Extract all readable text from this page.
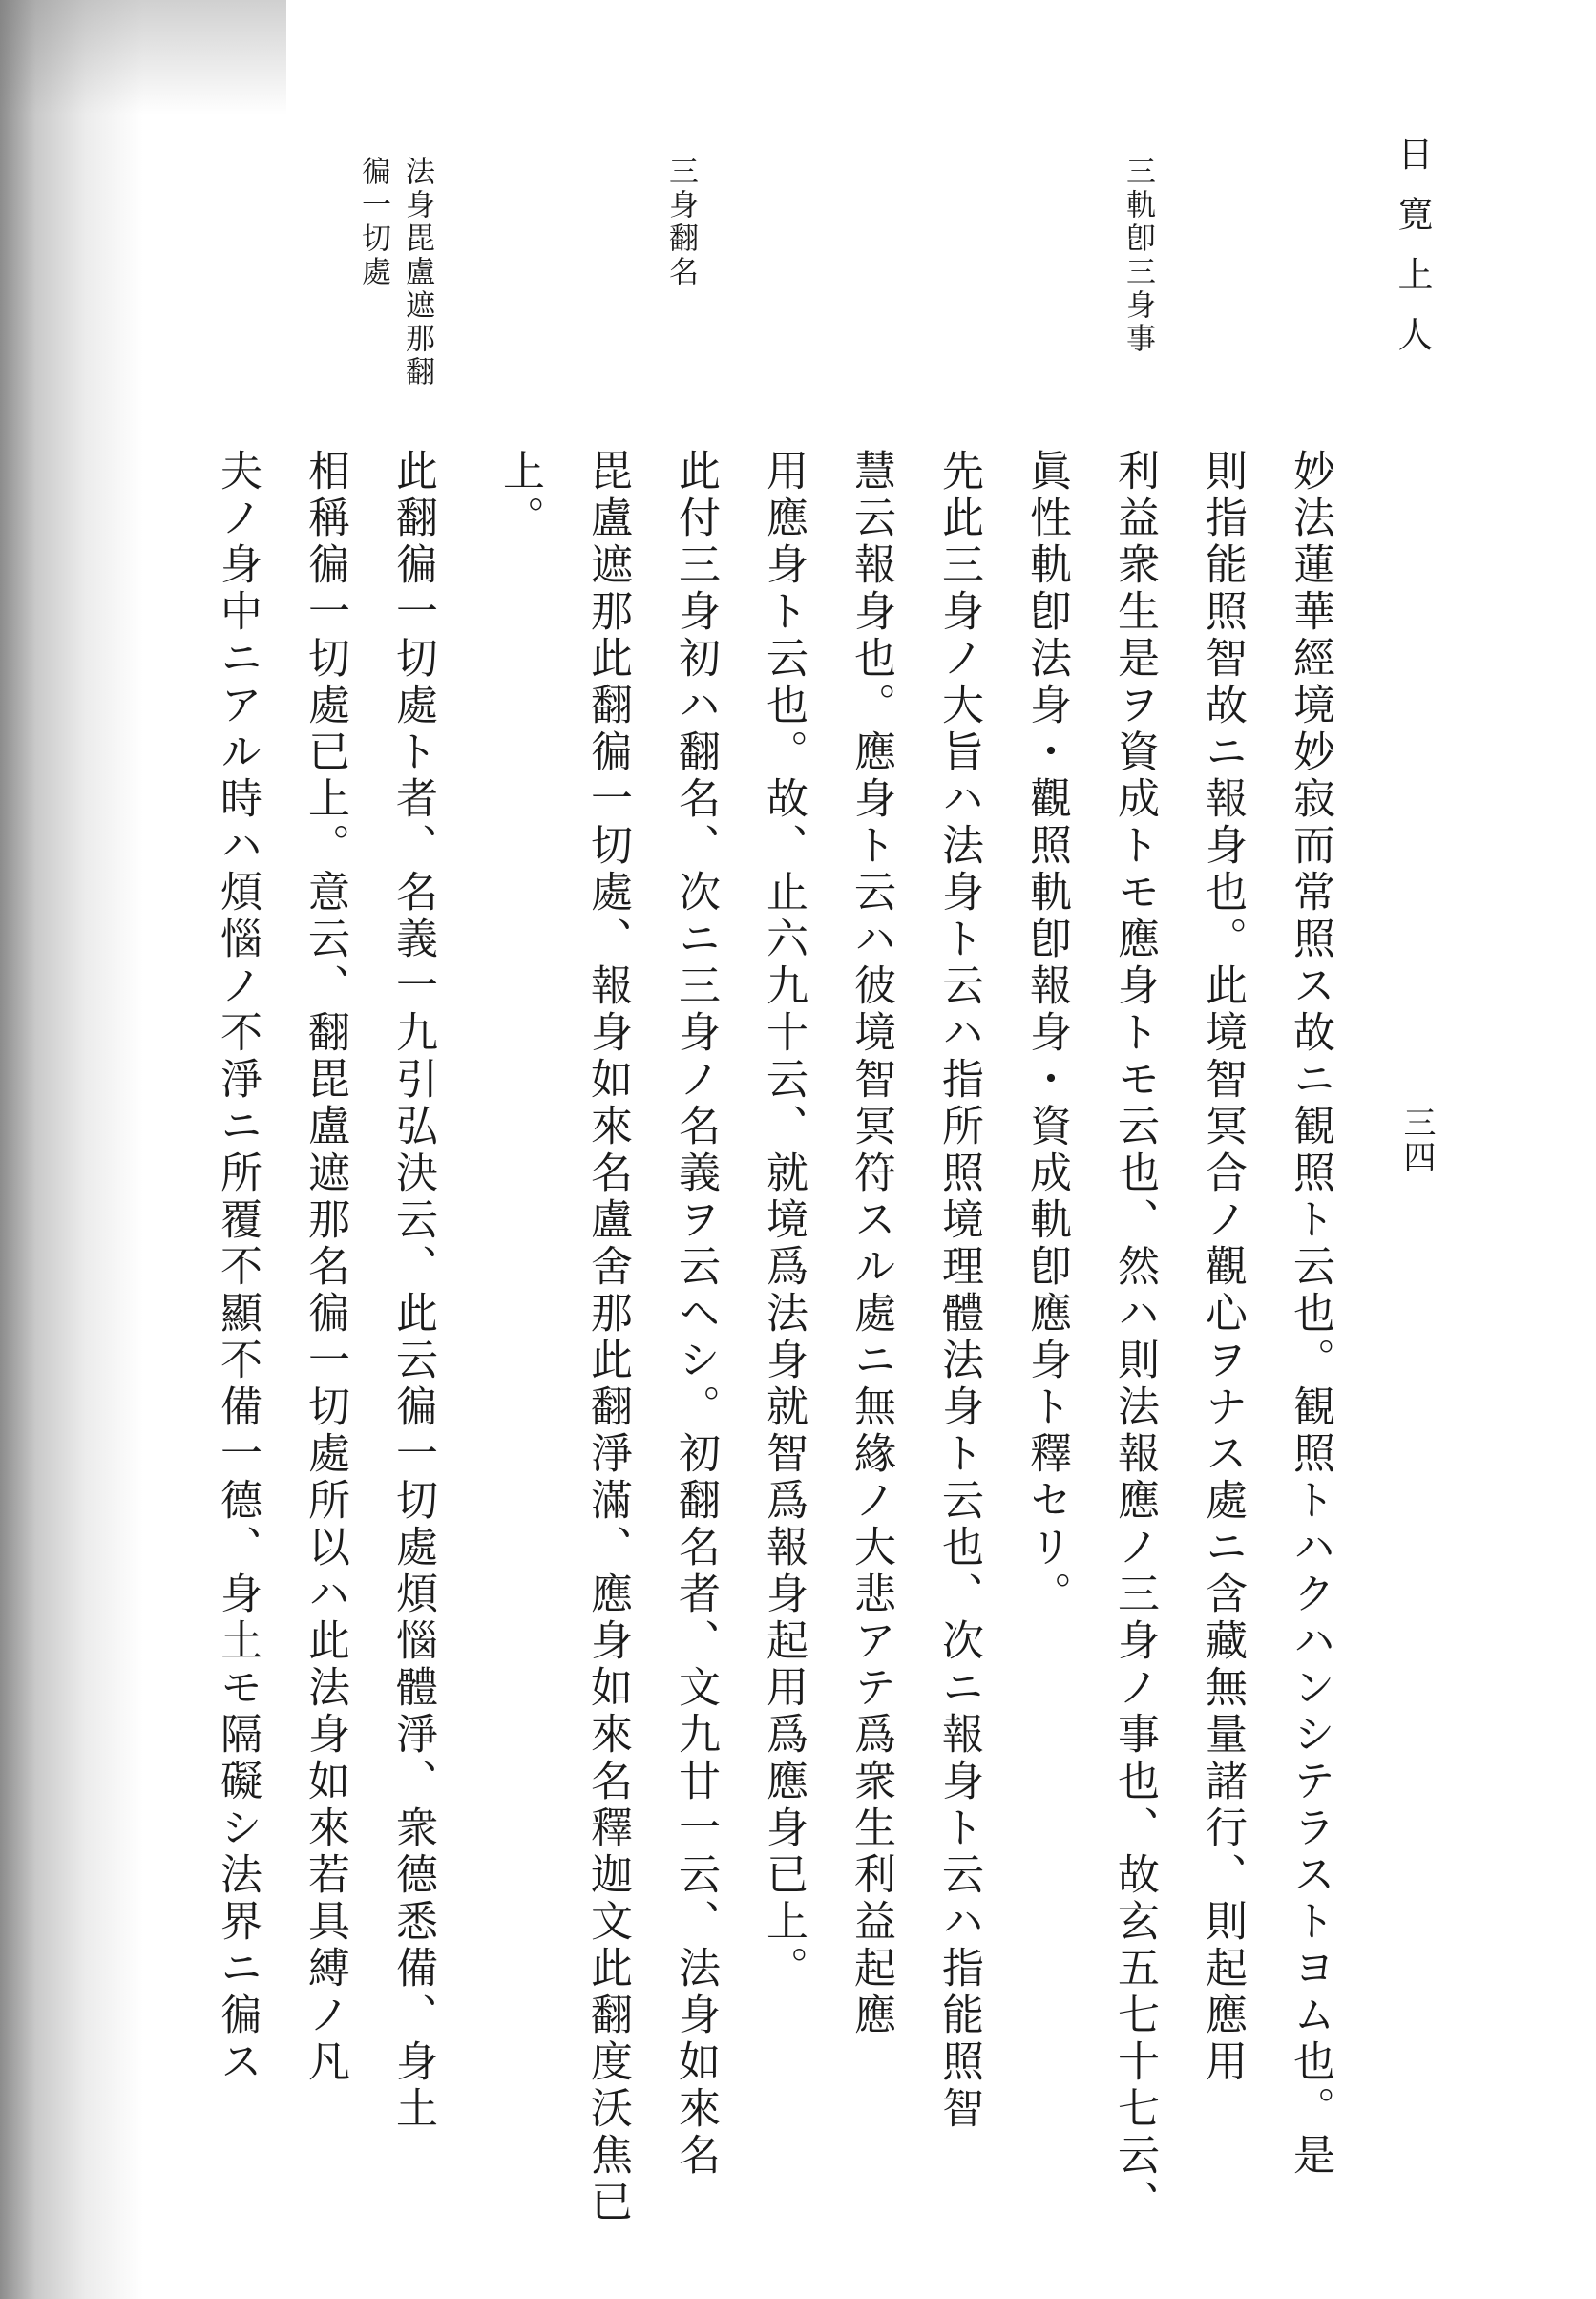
日寛上人
三四
三軌卽三身事
三身翻名
法身毘盧遮那翻
徧一切處
妙法蓮華經境妙寂而常照ス故ニ観照ト云也。観照トハクハンシテラストヨム也。是
則指能照智故ニ報身也。此境智冥合ノ觀心ヲナス處ニ含藏無量諸行、則起應用
利益衆生是ヲ資成トモ應身トモ云也、然ハ則法報應ノ三身ノ事也、故玄五七十七云、
眞性軌卽法身・觀照軌卽報身・資成軌卽應身ト釋セリ。
先此三身ノ大旨ハ法身ト云ハ指所照境理體法身ト云也、次ニ報身ト云ハ指能照智
慧云報身也。應身ト云ハ彼境智冥符スル處ニ無緣ノ大悲アテ爲衆生利益起應
用應身ト云也。故、止六九十云、就境爲法身就智爲報身起用爲應身已上。
此付三身初ハ翻名、次ニ三身ノ名義ヲ云ヘシ。初翻名者、文九廿一云、法身如來名
毘盧遮那此翻徧一切處、報身如來名盧舍那此翻淨滿、應身如來名釋迦文此翻度沃焦已
上。
此翻徧一切處ト者、名義一九引弘決云、此云徧一切處煩惱體淨、衆德悉備、身土
相稱徧一切處已上。意云、翻毘盧遮那名徧一切處所以ハ此法身如來若具縛ノ凡
夫ノ身中ニアル時ハ煩惱ノ不淨ニ所覆不顯不備一德、身土モ隔礙シ法界ニ徧ス
